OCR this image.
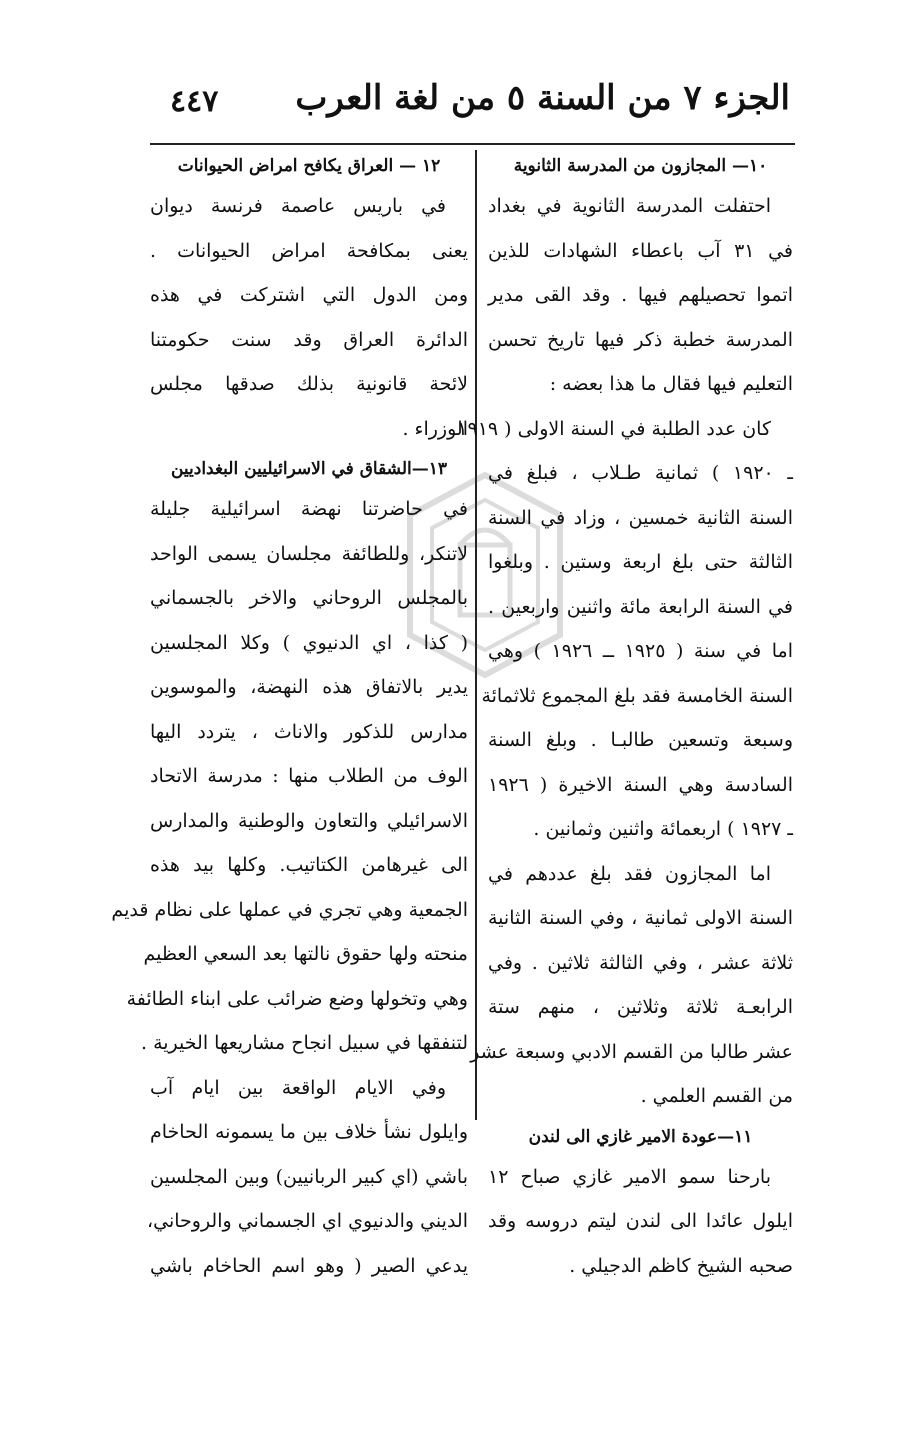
الجزء ٧ من السنة ٥ من لغة العرب
٤٤٧
١٠— المجازون من المدرسة الثانوية
احتفلت المدرسة الثانوية في بغداد
في ٣١ آب باعطاء الشهادات للذين
اتموا تحصيلهم فيها . وقد القى مدير
المدرسة خطبة ذكر فيها تاريخ تحسن
التعليم فيها فقال ما هذا بعضه :
كان عدد الطلبة في السنة الاولى ( ١٩١٩
ـ ١٩٢٠ ) ثمانية طـلاب ، فبلغ في
السنة الثانية خمسين ، وزاد في السنة
الثالثة حتى بلغ اربعة وستين . وبلغوا
في السنة الرابعة مائة واثنين واربعين .
اما في سنة ( ١٩٢٥ ــ ١٩٢٦ ) وهي
السنة الخامسة فقد بلغ المجموع ثلاثمائة
وسبعة وتسعين طالبـا . وبلغ السنة
السادسة وهي السنة الاخيرة ( ١٩٢٦
ـ ١٩٢٧ ) اربعمائة واثنين وثمانين .
اما المجازون فقد بلغ عددهم في
السنة الاولى ثمانية ، وفي السنة الثانية
ثلاثة عشر ، وفي الثالثة ثلاثين . وفي
الرابعـة ثلاثة وثلاثين ، منهم ستة
عشر طالبا من القسم الادبي وسبعة عشر
من القسم العلمي .
١١—عودة الامير غازي الى لندن
بارحنا سمو الامير غازي صباح ١٢
ايلول عائدا الى لندن ليتم دروسه وقد
صحبه الشيخ كاظم الدجيلي .
١٢ — العراق يكافح امراض الحيوانات
في باريس عاصمة فرنسة ديوان
يعنى بمكافحة امراض الحيوانات .
ومن الدول التي اشتركت في هذه
الدائرة العراق وقد سنت حكومتنا
لائحة قانونية بذلك صدقها مجلس
الوزراء .
١٣—الشقاق في الاسرائيليين البغداديين
في حاضرتنا نهضة اسرائيلية جليلة
لاتنكر، وللطائفة مجلسان يسمى الواحد
بالمجلس الروحاني والاخر بالجسماني
( كذا ، اي الدنيوي ) وكلا المجلسين
يدير بالاتفاق هذه النهضة، والموسوين
مدارس للذكور والاناث ، يتردد اليها
الوف من الطلاب منها : مدرسة الاتحاد
الاسرائيلي والتعاون والوطنية والمدارس
الى غيرهامن الكتاتيب. وكلها بيد هذه
الجمعية وهي تجري في عملها على نظام قديم
منحته ولها حقوق نالتها بعد السعي العظيم
وهي وتخولها وضع ضرائب على ابناء الطائفة
لتنفقها في سبيل انجاح مشاريعها الخيرية .
وفي الايام الواقعة بين ايام آب
وايلول نشأ خلاف بين ما يسمونه الحاخام
باشي (اي كبير الربانيين) وبين المجلسين
الديني والدنيوي اي الجسماني والروحاني،
يدعي الصير ( وهو اسم الحاخام باشي
